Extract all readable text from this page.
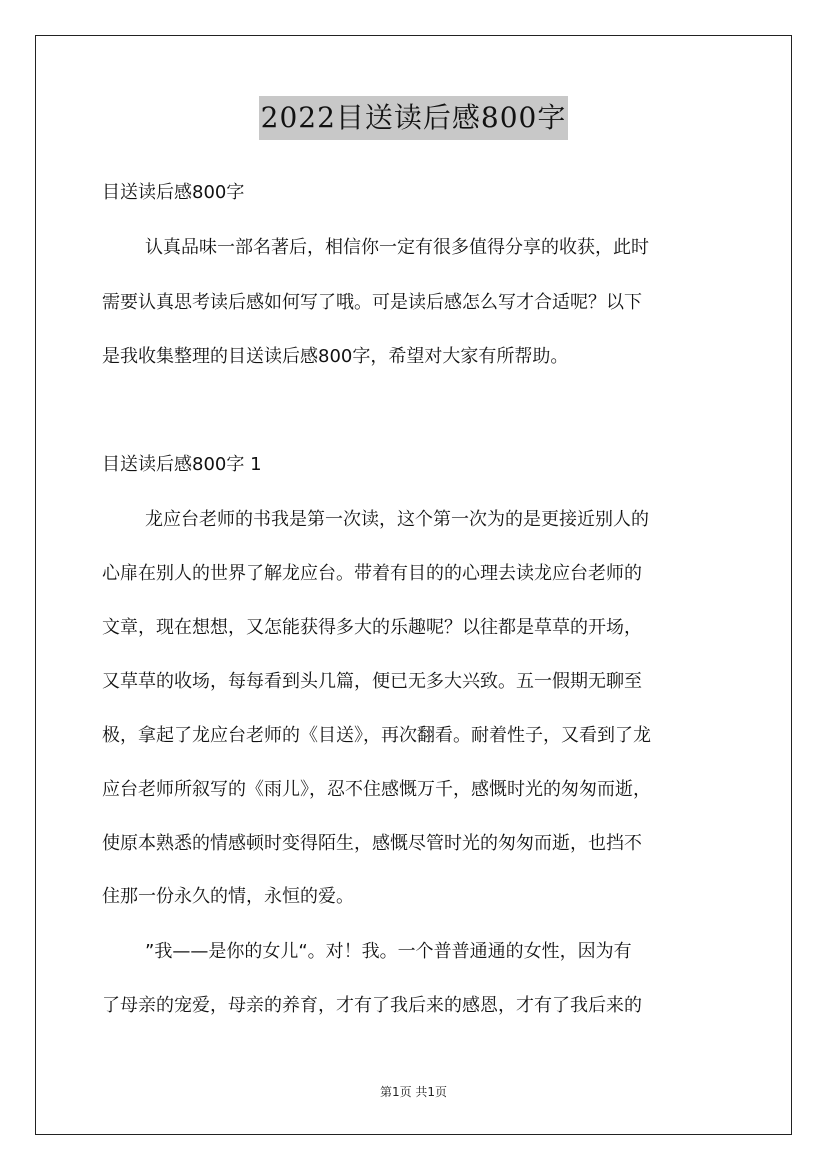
2022目送读后感800字
目送读后感800字
认真品味一部名著后，相信你一定有很多值得分享的收获，此时
需要认真思考读后感如何写了哦。可是读后感怎么写才合适呢？以下
是我收集整理的目送读后感800字，希望对大家有所帮助。
目送读后感800字 1
龙应台老师的书我是第一次读，这个第一次为的是更接近别人的
心扉在别人的世界了解龙应台。带着有目的的心理去读龙应台老师的
文章，现在想想，又怎能获得多大的乐趣呢？以往都是草草的开场，
又草草的收场，每每看到头几篇，便已无多大兴致。五一假期无聊至
极，拿起了龙应台老师的《目送》，再次翻看。耐着性子，又看到了龙
应台老师所叙写的《雨儿》，忍不住感慨万千，感慨时光的匆匆而逝，
使原本熟悉的情感顿时变得陌生，感慨尽管时光的匆匆而逝，也挡不
住那一份永久的情，永恒的爱。
”我——是你的女儿“。对！我。一个普普通通的女性，因为有
了母亲的宠爱，母亲的养育，才有了我后来的感恩，才有了我后来的
第1页 共1页
